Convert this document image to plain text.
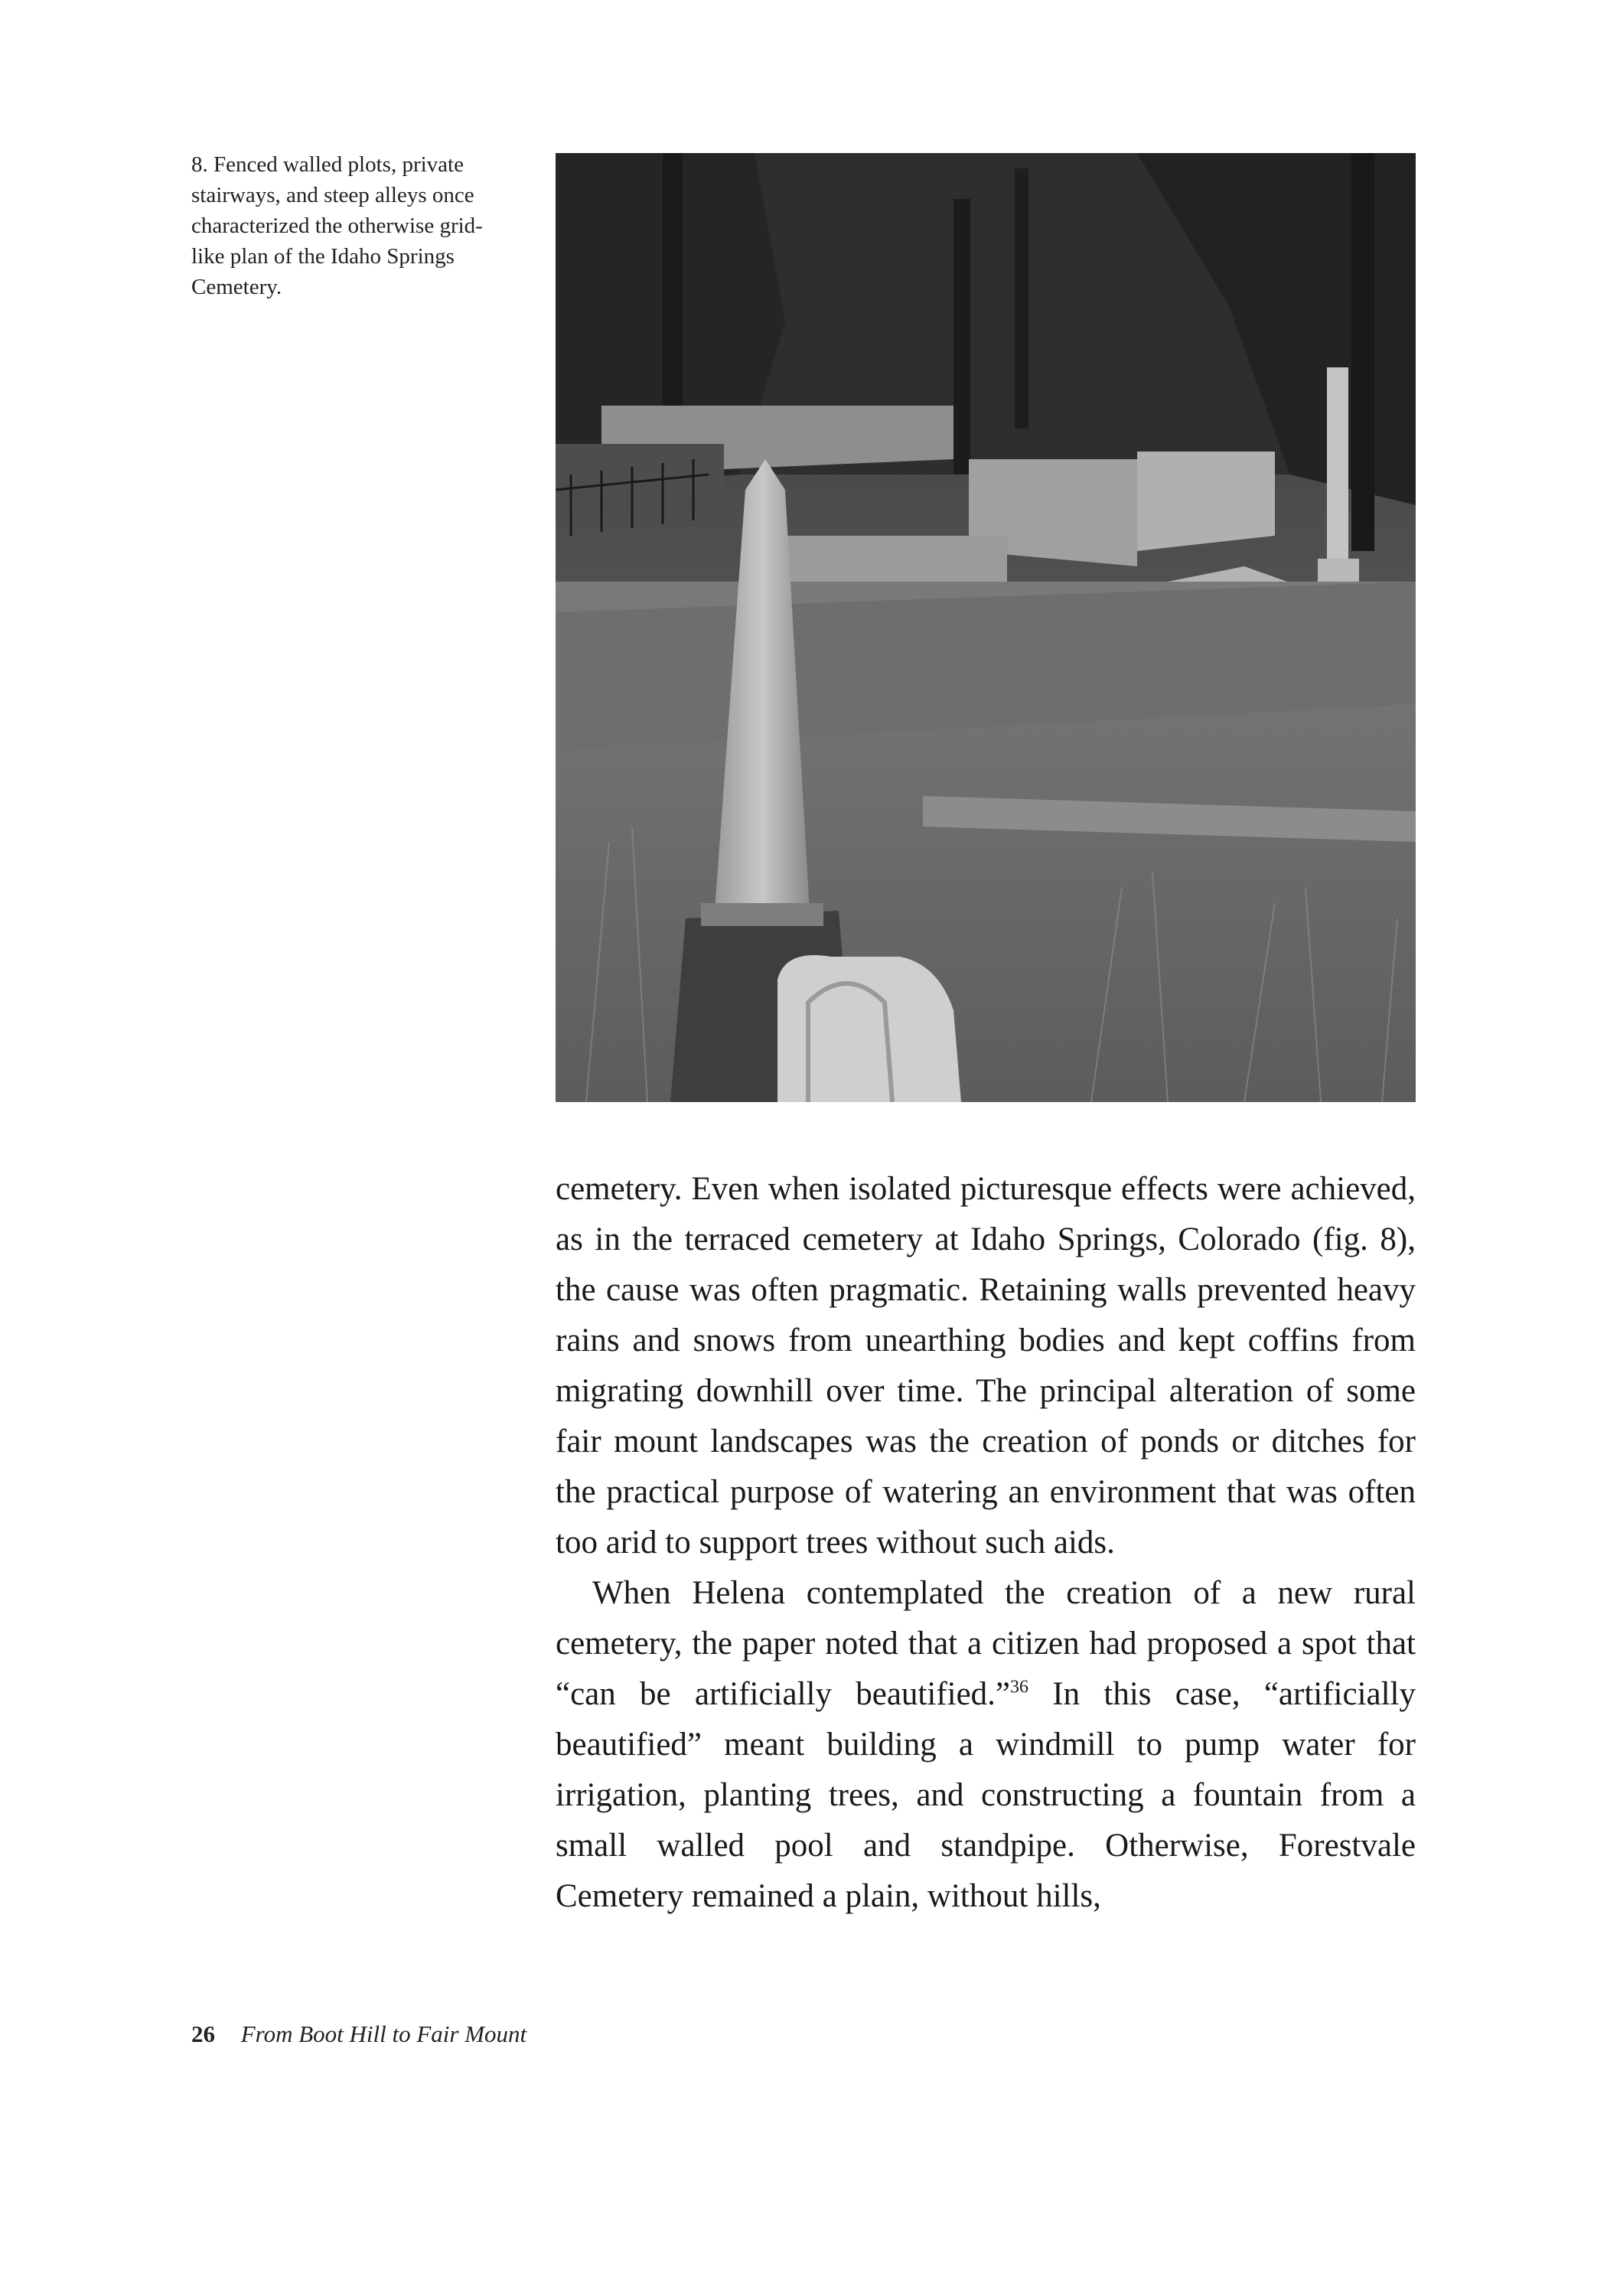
8. Fenced walled plots, private stairways, and steep alleys once characterized the otherwise grid-like plan of the Idaho Springs Cemetery.

cemetery. Even when isolated picturesque effects were achieved, as in the terraced cemetery at Idaho Springs, Colorado (fig. 8), the cause was often pragmatic. Retaining walls prevented heavy rains and snows from unearthing bodies and kept coffins from migrating downhill over time. The principal alteration of some fair mount landscapes was the creation of ponds or ditches for the practical purpose of watering an environment that was often too arid to support trees without such aids.

When Helena contemplated the creation of a new rural cemetery, the paper noted that a citizen had proposed a spot that “can be artificially beautified.”$^{36}$ In this case, “artificially beautified” meant building a windmill to pump water for irrigation, planting trees, and constructing a fountain from a small walled pool and standpipe. Otherwise, Forestvale Cemetery remained a plain, without hills,

26 From Boot Hill to Fair Mount
